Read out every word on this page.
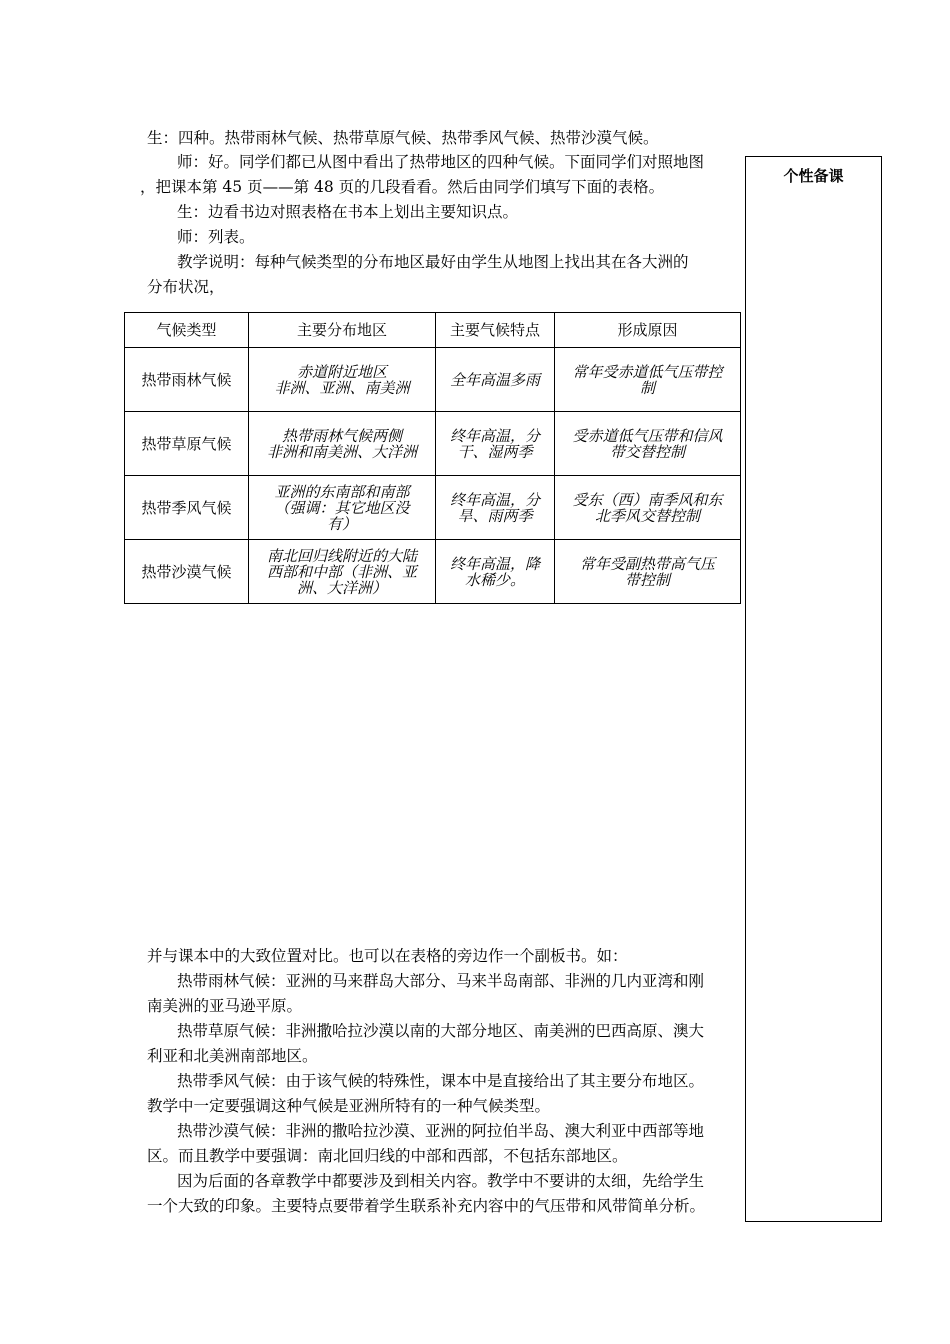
生：四种。热带雨林气候、热带草原气候、热带季风气候、热带沙漠气候。
师：好。同学们都已从图中看出了热带地区的四种气候。下面同学们对照地图
，把课本第 45 页——第 48 页的几段看看。然后由同学们填写下面的表格。
生：边看书边对照表格在书本上划出主要知识点。
师：列表。
教学说明：每种气候类型的分布地区最好由学生从地图上找出其在各大洲的
分布状况，
个性备课
气候类型	主要分布地区	主要气候特点	形成原因
热带雨林气候	赤道附近地区
非洲、亚洲、南美洲	全年高温多雨	常年受赤道低气压带控
制
热带草原气候	热带雨林气候两侧
非洲和南美洲、大洋洲	终年高温，分
干、湿两季	受赤道低气压带和信风
带交替控制
热带季风气候	亚洲的东南部和南部
（强调：其它地区没
有）	终年高温，分
旱、雨两季	受东（西）南季风和东
北季风交替控制
热带沙漠气候	南北回归线附近的大陆
西部和中部（非洲、亚
洲、大洋洲）	终年高温，降
水稀少。	常年受副热带高气压
带控制
并与课本中的大致位置对比。也可以在表格的旁边作一个副板书。如：
热带雨林气候：亚洲的马来群岛大部分、马来半岛南部、非洲的几内亚湾和刚
南美洲的亚马逊平原。
热带草原气候：非洲撒哈拉沙漠以南的大部分地区、南美洲的巴西高原、澳大
利亚和北美洲南部地区。
热带季风气候：由于该气候的特殊性，课本中是直接给出了其主要分布地区。
教学中一定要强调这种气候是亚洲所特有的一种气候类型。
热带沙漠气候：非洲的撒哈拉沙漠、亚洲的阿拉伯半岛、澳大利亚中西部等地
区。而且教学中要强调：南北回归线的中部和西部，不包括东部地区。
因为后面的各章教学中都要涉及到相关内容。教学中不要讲的太细，先给学生
一个大致的印象。主要特点要带着学生联系补充内容中的气压带和风带简单分析。
